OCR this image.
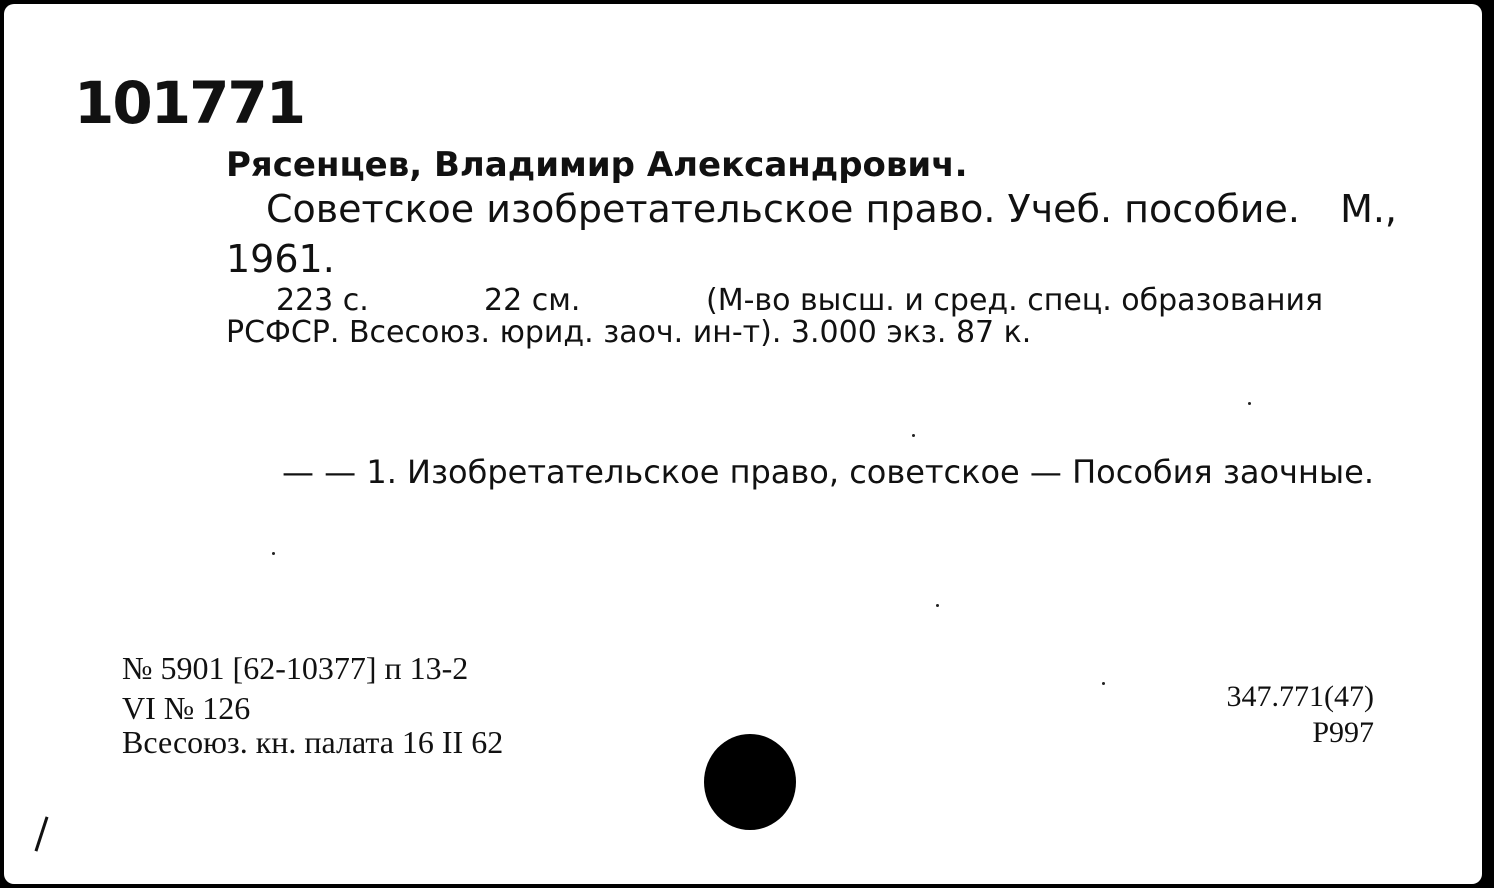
101771
Рясенцев, Владимир Александрович.
Советское изобретательское право. Учеб. пособие. М.,
1961.
223 с.	22 см.	(М-во высш. и сред. спец. образования
РСФСР. Всесоюз. юрид. заоч. ин-т). 3.000 экз. 87 к.
— — 1. Изобретательское право, советское — Пособия заочные.
№ 5901 [62-10377] п 13-2
VI № 126
Всесоюз. кн. палата 16 II 62
347.771(47)
Р997
